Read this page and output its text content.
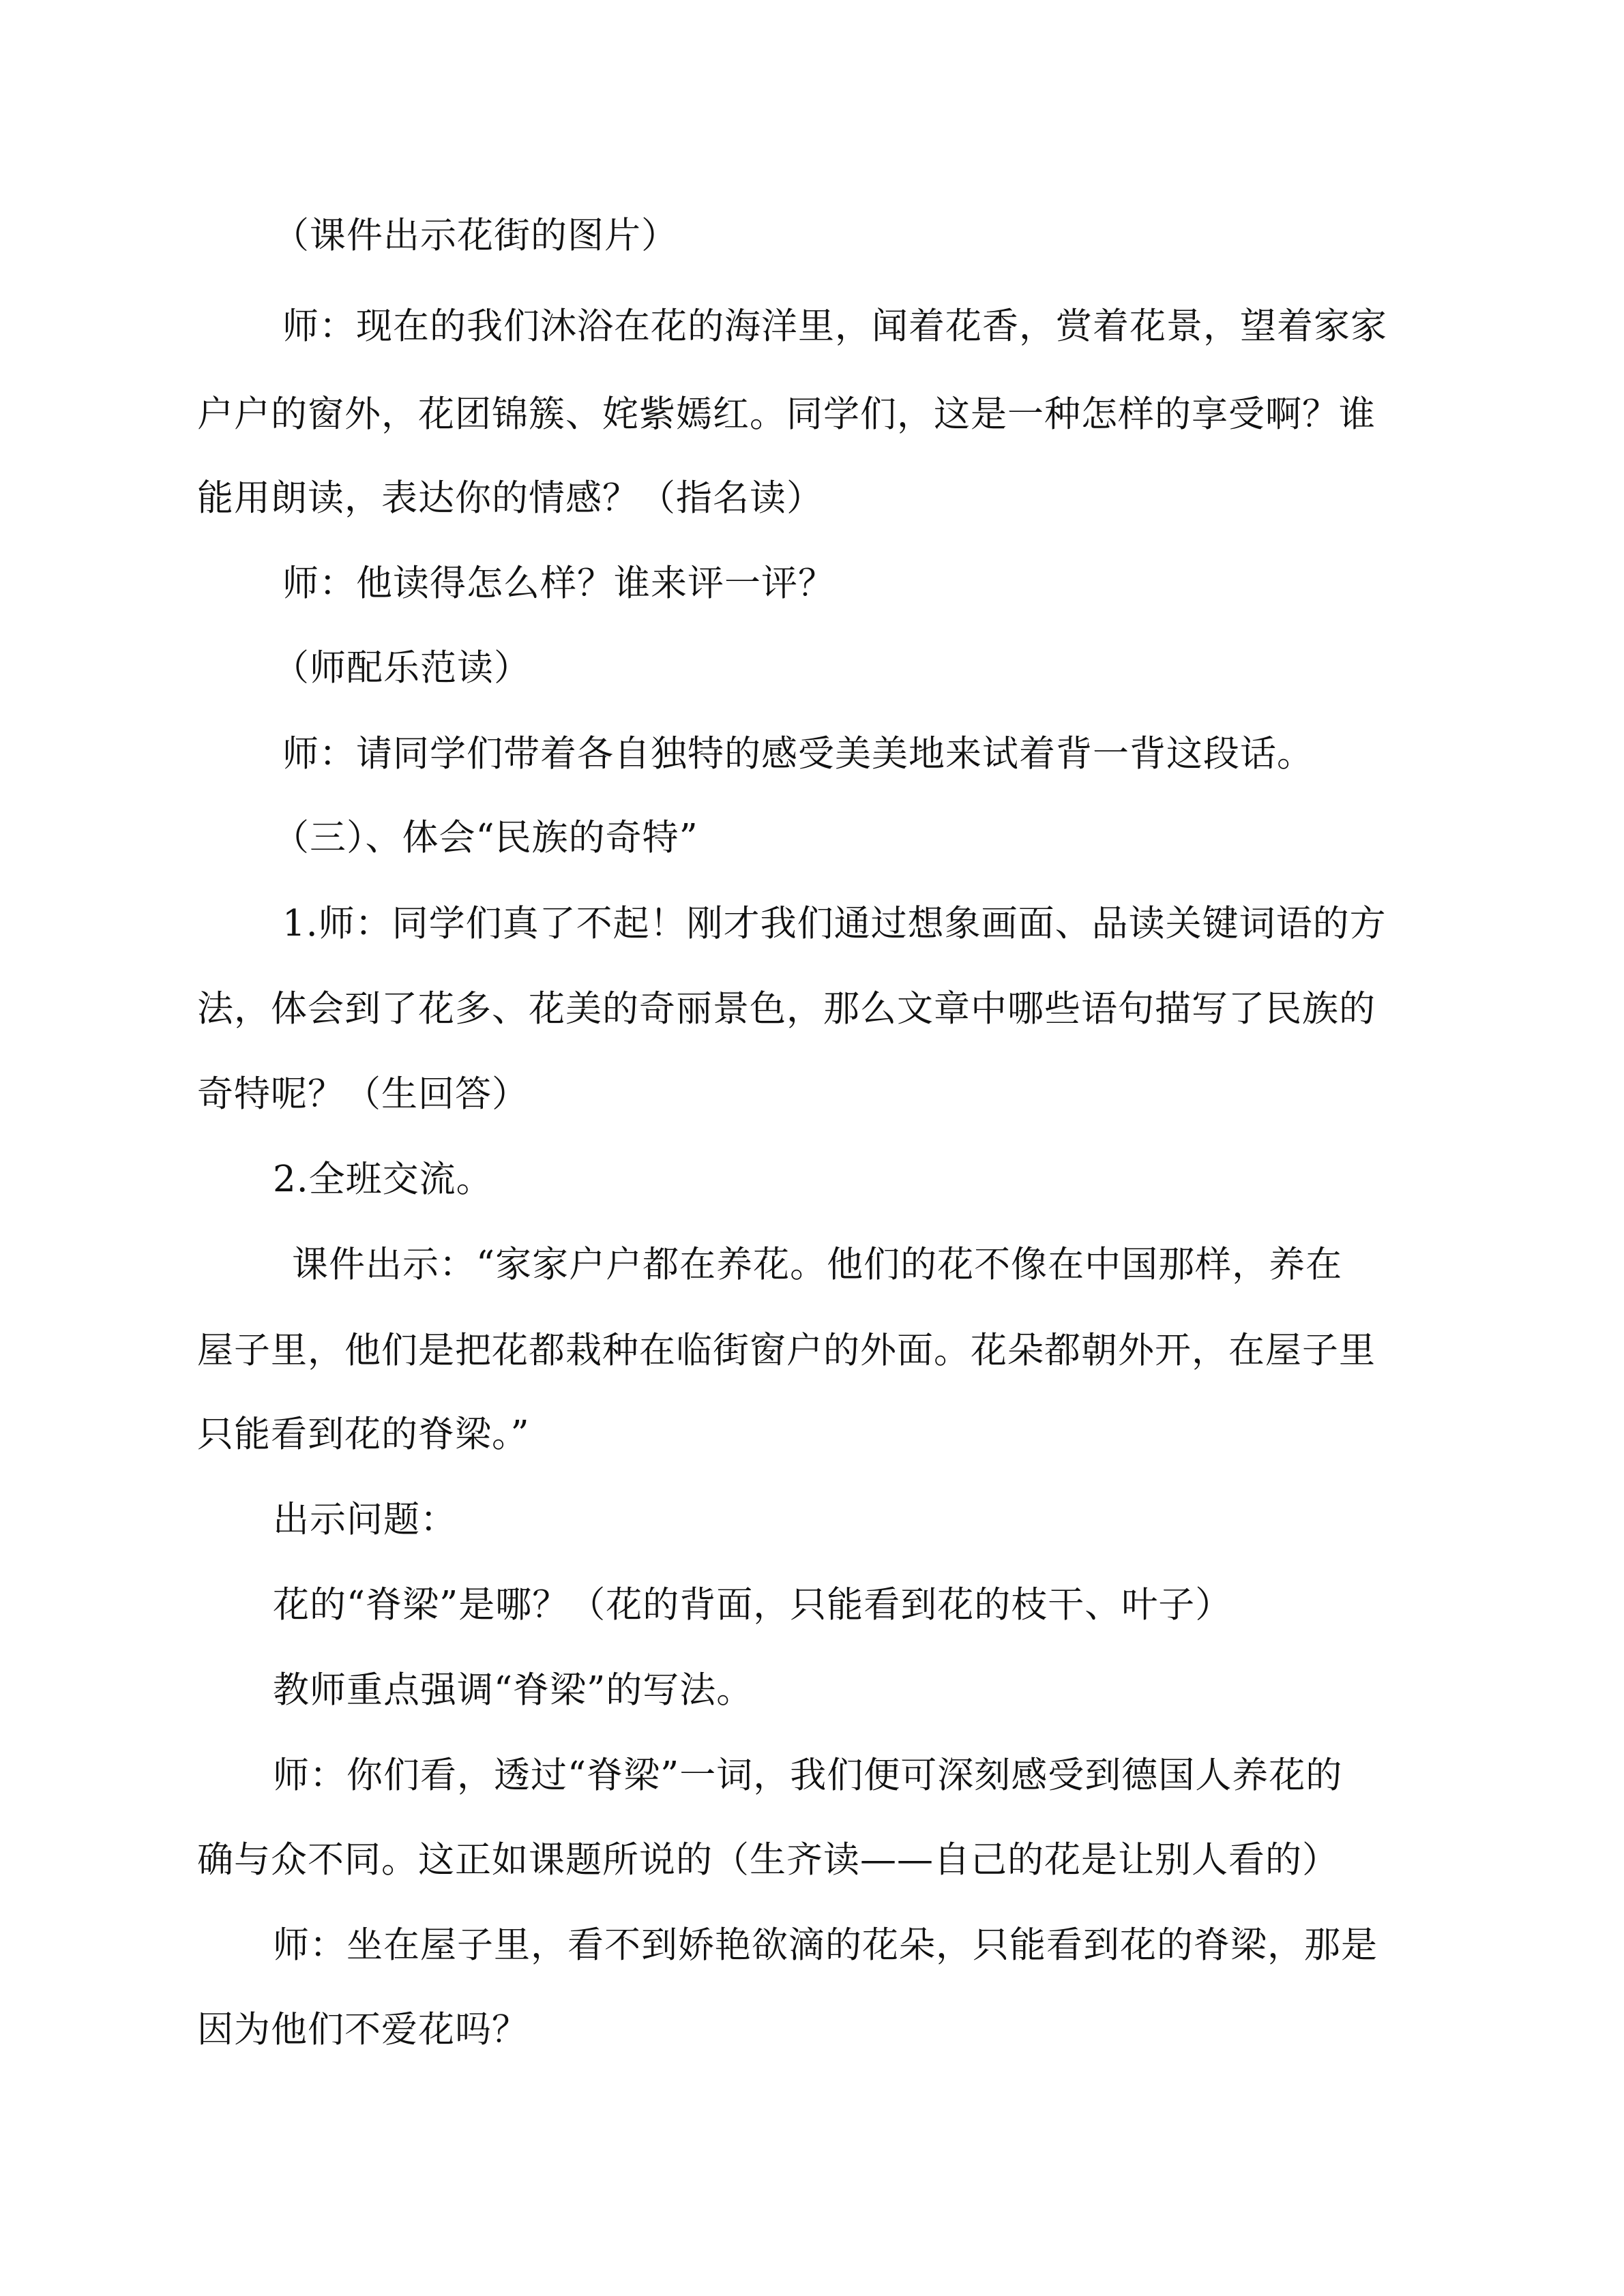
（课件出示花街的图片）

师：现在的我们沐浴在花的海洋里，闻着花香，赏着花景，望着家家

户户的窗外，花团锦簇、姹紫嫣红。同学们，这是一种怎样的享受啊？谁

能用朗读，表达你的情感？（指名读）

师：他读得怎么样？谁来评一评？

（师配乐范读）

师：请同学们带着各自独特的感受美美地来试着背一背这段话。

（三）、体会“民族的奇特”

1.师：同学们真了不起！刚才我们通过想象画面、品读关键词语的方

法，体会到了花多、花美的奇丽景色，那么文章中哪些语句描写了民族的

奇特呢？（生回答）

2.全班交流。

课件出示：“家家户户都在养花。他们的花不像在中国那样，养在

屋子里，他们是把花都栽种在临街窗户的外面。花朵都朝外开，在屋子里

只能看到花的脊梁。”

出示问题：

花的“脊梁”是哪？（花的背面，只能看到花的枝干、叶子）

教师重点强调“脊梁”的写法。

师：你们看，透过“脊梁”一词，我们便可深刻感受到德国人养花的

确与众不同。这正如课题所说的（生齐读——自己的花是让别人看的）

师：坐在屋子里，看不到娇艳欲滴的花朵，只能看到花的脊梁，那是

因为他们不爱花吗？
